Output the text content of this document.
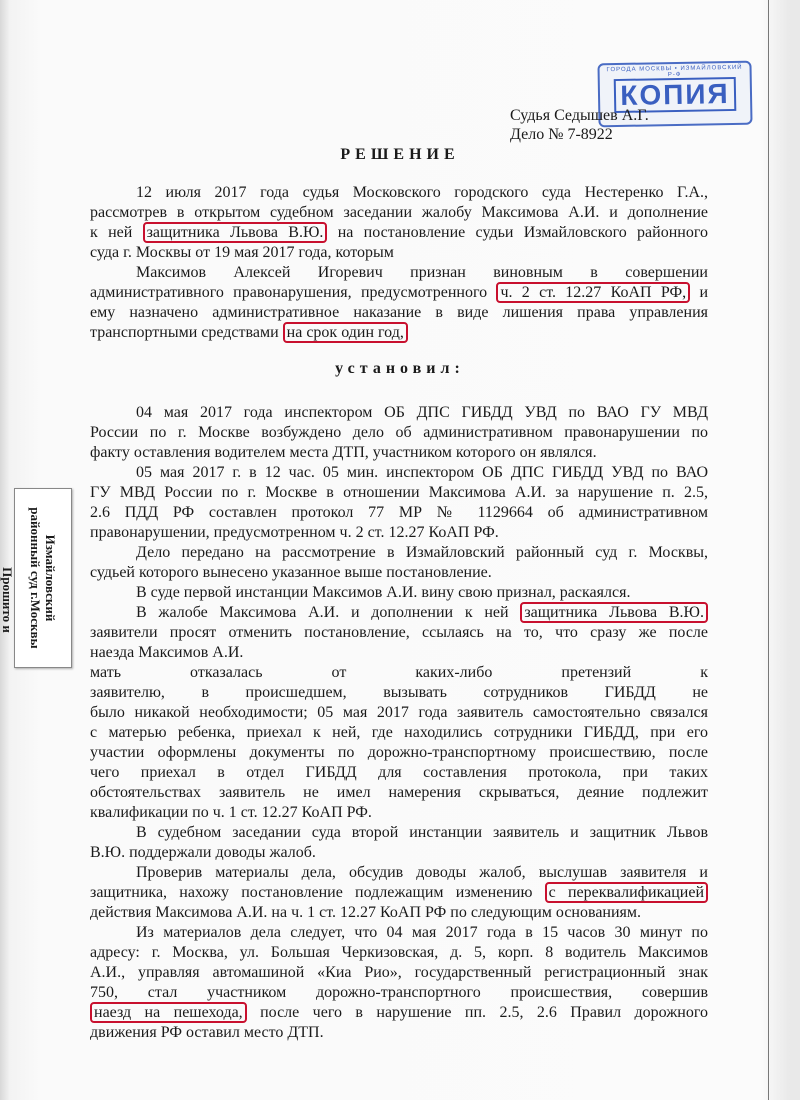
ГОРОДА МОСКВЫ • ИЗМАЙЛОВСКИЙ Р-Ф
КОПИЯ
Судья Седышев А.Г.
Дело № 7-8922
РЕШЕНИЕ
установил:
12 июля 2017 года судья Московского городского суда Нестеренко Г.А.,
рассмотрев в открытом судебном заседании жалобу Максимова А.И. и дополнение
к ней защитника Львова В.Ю. на постановление судьи Измайловского районного
суда г. Москвы от 19 мая 2017 года, которым
Максимов Алексей Игоревич признан виновным в совершении
административного правонарушения, предусмотренного ч. 2 ст. 12.27 КоАП РФ, и
ему назначено административное наказание в виде лишения права управления
транспортными средствами на срок один год,
04 мая 2017 года инспектором ОБ ДПС ГИБДД УВД по ВАО ГУ МВД
России по г. Москве возбуждено дело об административном правонарушении по
факту оставления водителем места ДТП, участником которого он являлся.
05 мая 2017 г. в 12 час. 05 мин. инспектором ОБ ДПС ГИБДД УВД по ВАО
ГУ МВД России по г. Москве в отношении Максимова А.И. за нарушение п. 2.5,
2.6 ПДД РФ составлен протокол 77 МР № 1129664 об административном
правонарушении, предусмотренном ч. 2 ст. 12.27 КоАП РФ.
Дело передано на рассмотрение в Измайловский районный суд г. Москвы,
судьей которого вынесено указанное выше постановление.
В суде первой инстанции Максимов А.И. вину свою признал, раскаялся.
В жалобе Максимова А.И. и дополнении к ней защитника Львова В.Ю.
заявители просят отменить постановление, ссылаясь на то, что сразу же после
наезда Максимов А.И.
мать отказалась от каких-либо претензий к
заявителю, в происшедшем, вызывать сотрудников ГИБДД не
было никакой необходимости; 05 мая 2017 года заявитель самостоятельно связался
с матерью ребенка, приехал к ней, где находились сотрудники ГИБДД, при его
участии оформлены документы по дорожно-транспортному происшествию, после
чего приехал в отдел ГИБДД для составления протокола, при таких
обстоятельствах заявитель не имел намерения скрываться, деяние подлежит
квалификации по ч. 1 ст. 12.27 КоАП РФ.
В судебном заседании суда второй инстанции заявитель и защитник Львов
В.Ю. поддержали доводы жалоб.
Проверив материалы дела, обсудив доводы жалоб, выслушав заявителя и
защитника, нахожу постановление подлежащим изменению с переквалификацией
действия Максимова А.И. на ч. 1 ст. 12.27 КоАП РФ по следующим основаниям.
Из материалов дела следует, что 04 мая 2017 года в 15 часов 30 минут по
адресу: г. Москва, ул. Большая Черкизовская, д. 5, корп. 8 водитель Максимов
А.И., управляя автомашиной «Киа Рио», государственный регистрационный знак
750, стал участником дорожно-транспортного происшествия, совершив
наезд на пешехода, после чего в нарушение пп. 2.5, 2.6 Правил дорожного
движения РФ оставил место ДТП.
Измайловский
районный суд г.Москвы
Прошито и
